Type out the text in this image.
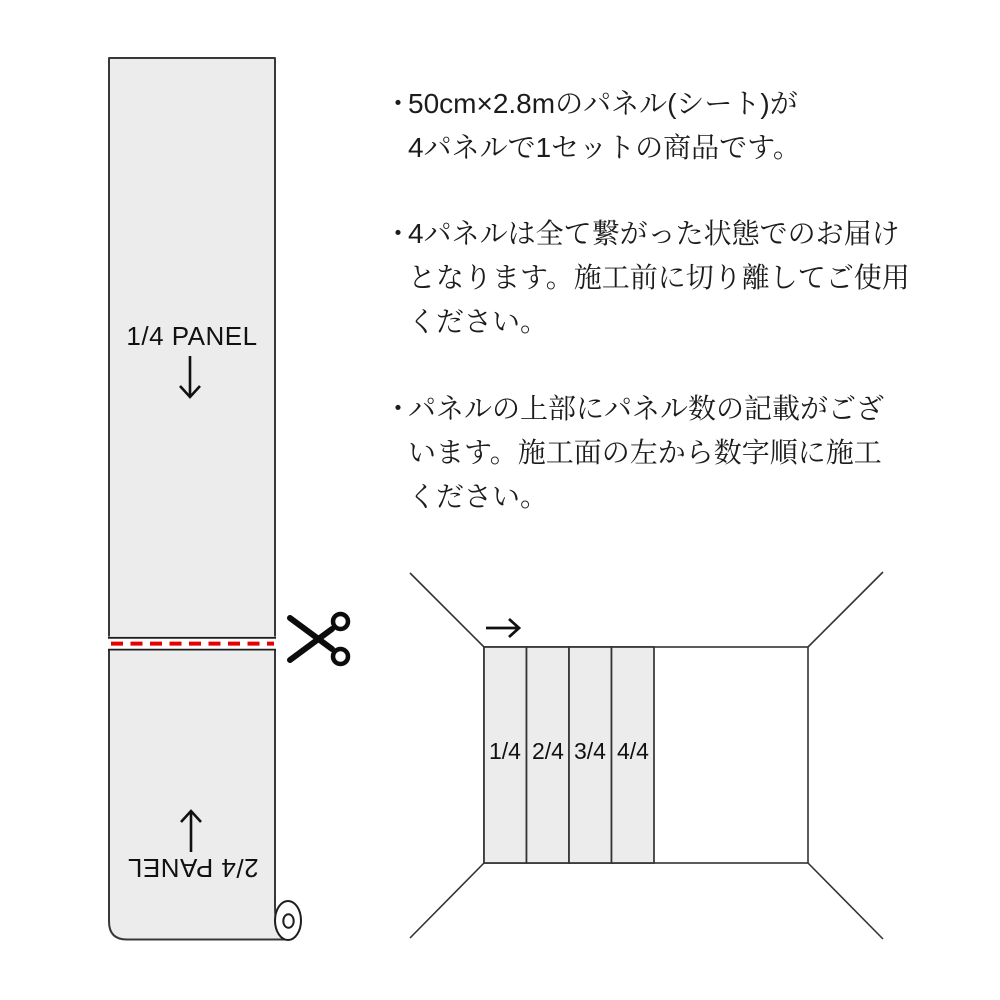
1/4 PANEL
2/4 PANEL
・
50cm×2.8mのパネル(シート)が
4パネルで1セットの商品です。
・
4パネルは全て繋がった状態でのお届け
となります。施工前に切り離してご使用
ください。
・
パネルの上部にパネル数の記載がござ
います。施工面の左から数字順に施工
ください。
1/4 2/4 3/4 4/4
